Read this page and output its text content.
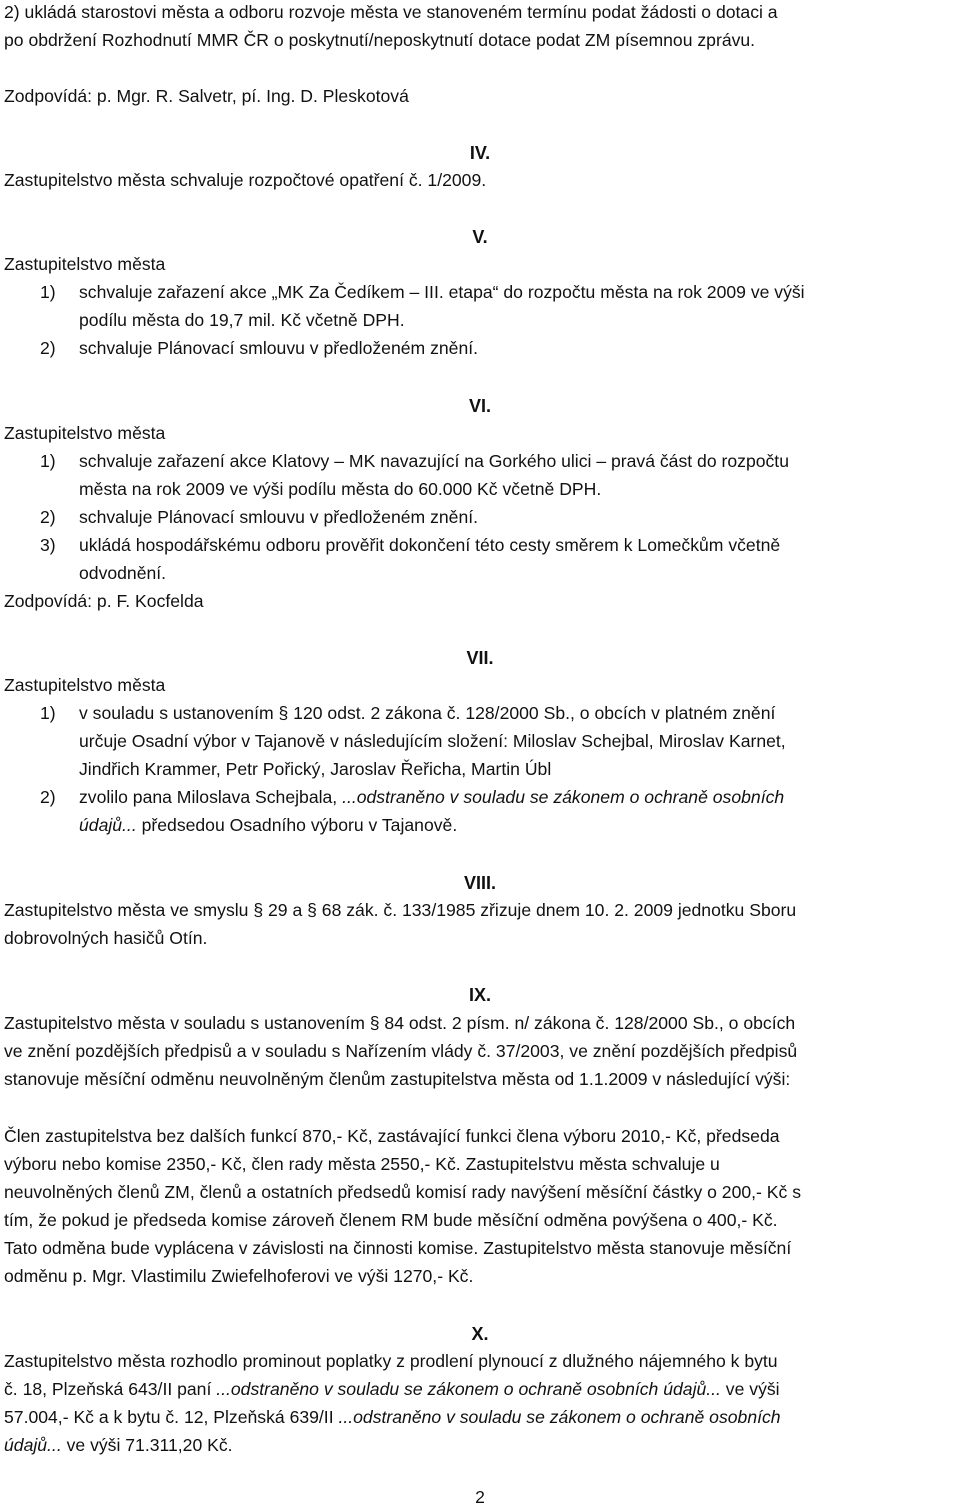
2) ukládá starostovi města a odboru rozvoje města ve stanoveném termínu podat žádosti o dotaci a
po obdržení Rozhodnutí MMR ČR o poskytnutí/neposkytnutí dotace podat ZM písemnou zprávu.
Zodpovídá: p. Mgr. R. Salvetr, pí. Ing. D. Pleskotová
IV.
Zastupitelstvo města schvaluje rozpočtové opatření č. 1/2009.
V.
Zastupitelstvo města
1) schvaluje zařazení akce „MK Za Čedíkem – III. etapa“ do rozpočtu města na rok 2009 ve výši
podílu města do 19,7 mil. Kč včetně DPH.
2) schvaluje Plánovací smlouvu v předloženém znění.
VI.
Zastupitelstvo města
1) schvaluje zařazení akce Klatovy – MK navazující na Gorkého ulici – pravá část do rozpočtu
města na rok 2009 ve výši podílu města do 60.000 Kč včetně DPH.
2) schvaluje Plánovací smlouvu v předloženém znění.
3) ukládá hospodářskému odboru prověřit dokončení této cesty směrem k Lomečkům včetně
odvodnění.
Zodpovídá: p. F. Kocfelda
VII.
Zastupitelstvo města
1) v souladu s ustanovením § 120 odst. 2 zákona č. 128/2000 Sb., o obcích v platném znění
určuje Osadní výbor v Tajanově v následujícím složení: Miloslav Schejbal, Miroslav Karnet,
Jindřich Krammer, Petr Pořický, Jaroslav Řeřicha, Martin Úbl
2) zvolilo pana Miloslava Schejbala, ...odstraněno v souladu se zákonem o ochraně osobních
údajů... předsedou Osadního výboru v Tajanově.
VIII.
Zastupitelstvo města ve smyslu § 29 a § 68 zák. č. 133/1985 zřizuje dnem 10. 2. 2009 jednotku Sboru
dobrovolných hasičů Otín.
IX.
Zastupitelstvo města v souladu s ustanovením § 84 odst. 2 písm. n/ zákona č. 128/2000 Sb., o obcích
ve znění pozdějších předpisů a v souladu s Nařízením vlády č. 37/2003, ve znění pozdějších předpisů
stanovuje měsíční odměnu neuvolněným členům zastupitelstva města od 1.1.2009 v následující výši:
Člen zastupitelstva bez dalších funkcí 870,- Kč, zastávající funkci člena výboru 2010,- Kč, předseda
výboru nebo komise 2350,- Kč, člen rady města 2550,- Kč. Zastupitelstvu města schvaluje u
neuvolněných členů ZM, členů a ostatních předsedů komisí rady navýšení měsíční částky o 200,- Kč s
tím, že pokud je předseda komise zároveň členem RM bude měsíční odměna povýšena o 400,- Kč.
Tato odměna bude vyplácena v závislosti na činnosti komise. Zastupitelstvo města stanovuje měsíční
odměnu p. Mgr. Vlastimilu Zwiefelhoferovi ve výši 1270,- Kč.
X.
Zastupitelstvo města rozhodlo prominout poplatky z prodlení plynoucí z dlužného nájemného k bytu
č. 18, Plzeňská 643/II paní ...odstraněno v souladu se zákonem o ochraně osobních údajů... ve výši
57.004,- Kč a k bytu č. 12, Plzeňská 639/II ...odstraněno v souladu se zákonem o ochraně osobních
údajů... ve výši 71.311,20 Kč.
2
